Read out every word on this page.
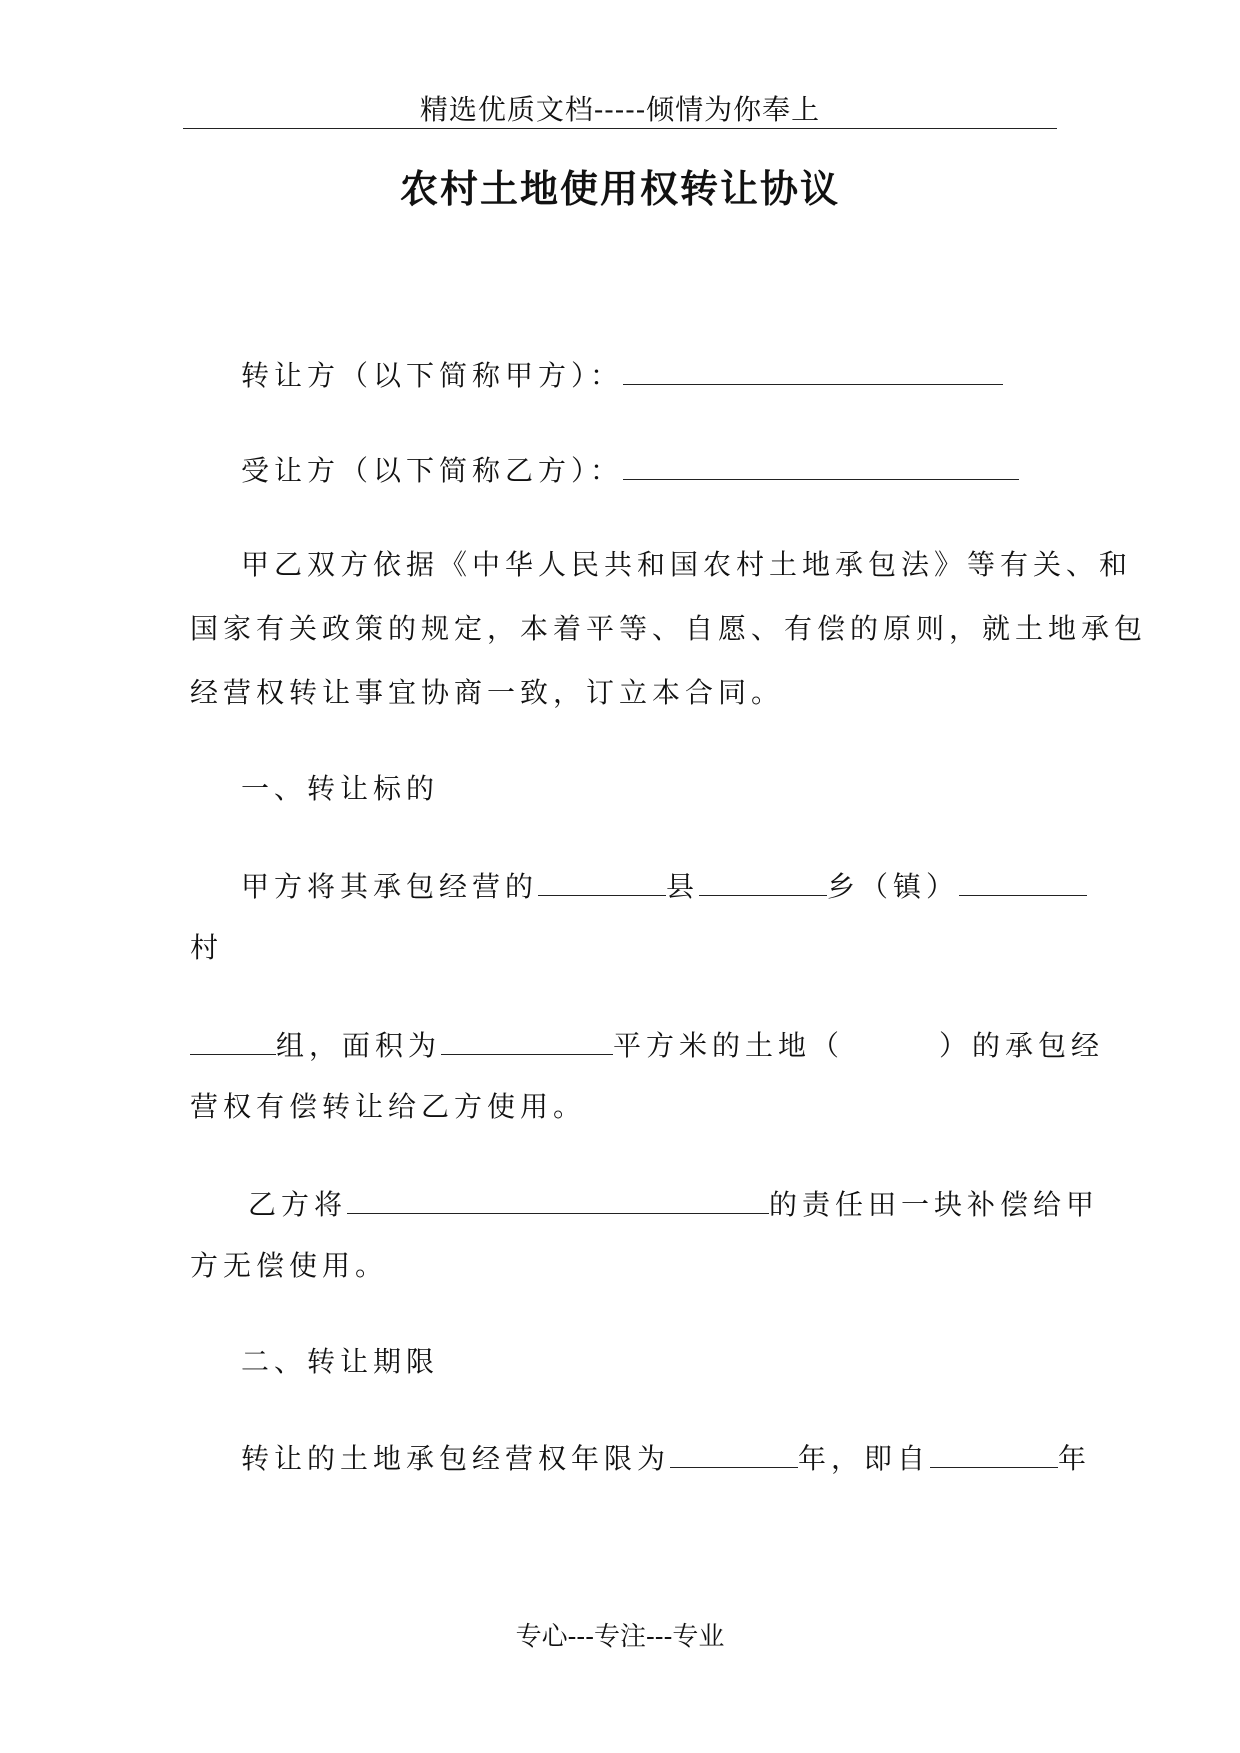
精选优质文档-----倾情为你奉上
农村土地使用权转让协议
转让方（以下简称甲方）：
受让方（以下简称乙方）：
甲乙双方依据《中华人民共和国农村土地承包法》等有关、和
国家有关政策的规定，本着平等、自愿、有偿的原则，就土地承包
经营权转让事宜协商一致，订立本合同。
一、转让标的
甲方将其承包经营的	县	乡（镇）
村
组，面积为	平方米的土地（	）的承包经
营权有偿转让给乙方使用。
乙方将	的责任田一块补偿给甲
方无偿使用。
二、转让期限
转让的土地承包经营权年限为	年，即自	年
专心---专注---专业
